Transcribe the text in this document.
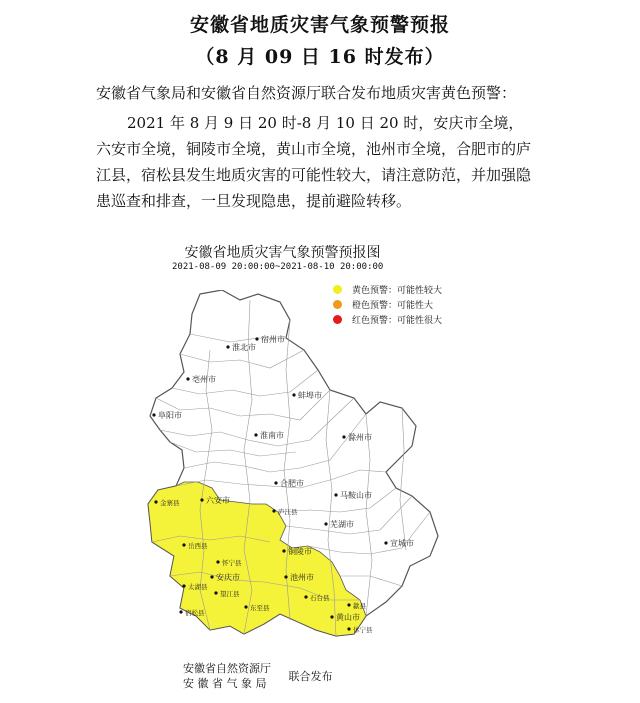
安徽省地质灾害气象预警预报
（8 月 09 日 16 时发布）
安徽省气象局和安徽省自然资源厅联合发布地质灾害黄色预警：
2021 年 8 月 9 日 20 时-8 月 10 日 20 时，安庆市全境，六安市全境，铜陵市全境，黄山市全境，池州市全境，合肥市的庐江县，宿松县发生地质灾害的可能性较大，请注意防范，并加强隐患巡查和排查，一旦发现隐患，提前避险转移。
安徽省地质灾害气象预警预报图
2021-08-09 20:00:00~2021-08-10 20:00:00
黄色预警：可能性较大
橙色预警：可能性大
红色预警：可能性很大
宿州市
淮北市
阜阳市
亳州市
蚌埠市
淮南市	滁州市
六安市
合肥市
马鞍山市
芜湖市
铜陵市
宣城市
安庆市	池州市
黄山市
岳西县
金寨县
太湖县
望江县
宿松县
石台县
休宁县
歙县
东至县
庐江县
怀宁县
安徽省自然资源厅
安 徽 省 气 象 局
联合发布
